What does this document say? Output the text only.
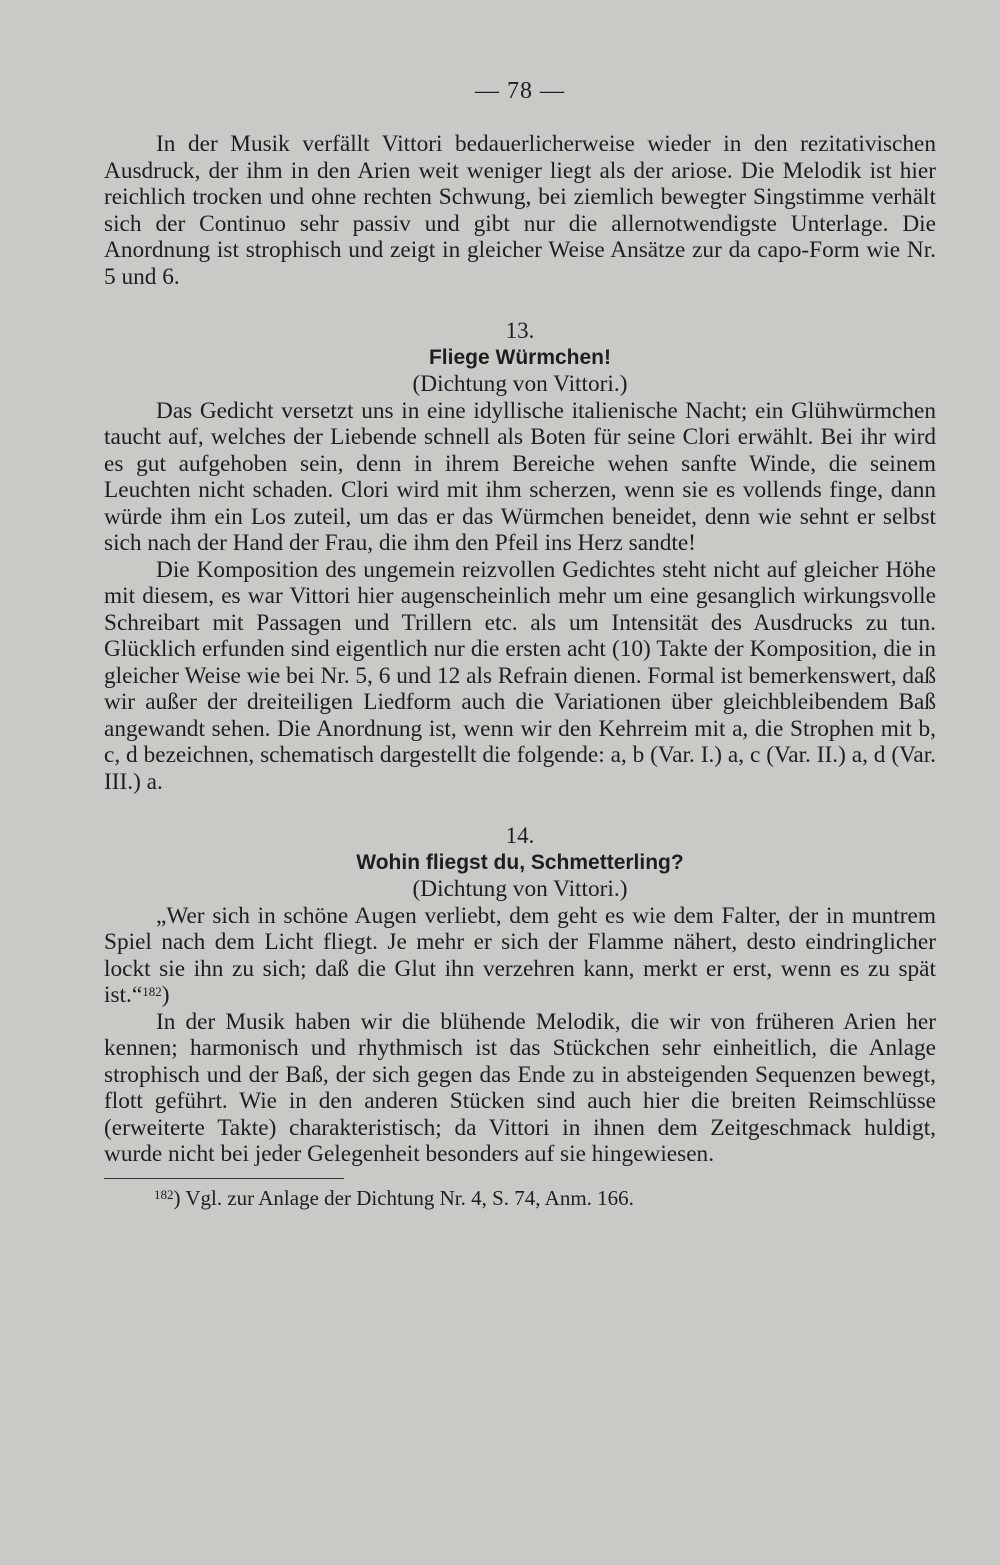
— 78 —

In der Musik verfällt Vittori bedauerlicherweise wieder in den rezitativischen Ausdruck, der ihm in den Arien weit weniger liegt als der ariose. Die Melodik ist hier reichlich trocken und ohne rechten Schwung, bei ziemlich bewegter Singstimme verhält sich der Continuo sehr passiv und gibt nur die allernotwendigste Unterlage. Die Anordnung ist strophisch und zeigt in gleicher Weise Ansätze zur da capo-Form wie Nr. 5 und 6.

13.
Fliege Würmchen!
(Dichtung von Vittori.)

Das Gedicht versetzt uns in eine idyllische italienische Nacht; ein Glühwürmchen taucht auf, welches der Liebende schnell als Boten für seine Clori erwählt. Bei ihr wird es gut aufgehoben sein, denn in ihrem Bereiche wehen sanfte Winde, die seinem Leuchten nicht schaden. Clori wird mit ihm scherzen, wenn sie es vollends finge, dann würde ihm ein Los zuteil, um das er das Würmchen beneidet, denn wie sehnt er selbst sich nach der Hand der Frau, die ihm den Pfeil ins Herz sandte!

Die Komposition des ungemein reizvollen Gedichtes steht nicht auf gleicher Höhe mit diesem, es war Vittori hier augenscheinlich mehr um eine gesanglich wirkungsvolle Schreibart mit Passagen und Trillern etc. als um Intensität des Ausdrucks zu tun. Glücklich erfunden sind eigentlich nur die ersten acht (10) Takte der Komposition, die in gleicher Weise wie bei Nr. 5, 6 und 12 als Refrain dienen. Formal ist bemerkenswert, daß wir außer der dreiteiligen Liedform auch die Variationen über gleichbleibendem Baß angewandt sehen. Die Anordnung ist, wenn wir den Kehrreim mit a, die Strophen mit b, c, d bezeichnen, schematisch dargestellt die folgende: a, b (Var. I.) a, c (Var. II.) a, d (Var. III.) a.

14.
Wohin fliegst du, Schmetterling?
(Dichtung von Vittori.)

„Wer sich in schöne Augen verliebt, dem geht es wie dem Falter, der in muntrem Spiel nach dem Licht fliegt. Je mehr er sich der Flamme nähert, desto eindringlicher lockt sie ihn zu sich; daß die Glut ihn verzehren kann, merkt er erst, wenn es zu spät ist.“$^{182}$)

In der Musik haben wir die blühende Melodik, die wir von früheren Arien her kennen; harmonisch und rhythmisch ist das Stückchen sehr einheitlich, die Anlage strophisch und der Baß, der sich gegen das Ende zu in absteigenden Sequenzen bewegt, flott geführt. Wie in den anderen Stücken sind auch hier die breiten Reimschlüsse (erweiterte Takte) charakteristisch; da Vittori in ihnen dem Zeitgeschmack huldigt, wurde nicht bei jeder Gelegenheit besonders auf sie hingewiesen.

$^{182}$) Vgl. zur Anlage der Dichtung Nr. 4, S. 74, Anm. 166.
